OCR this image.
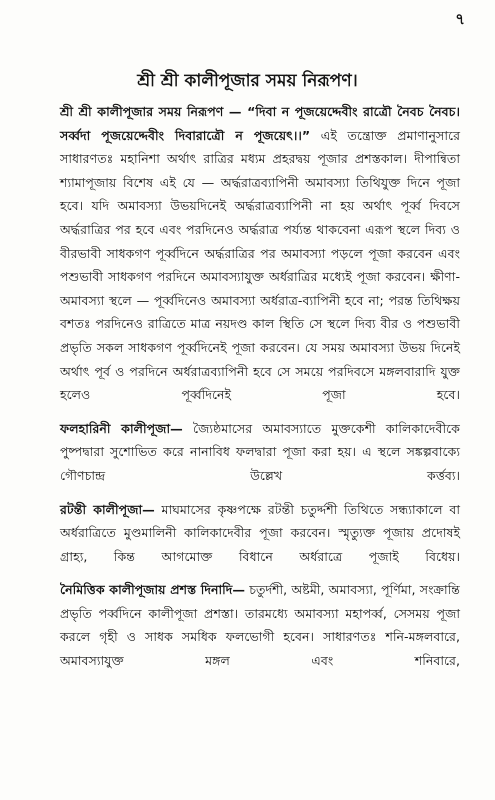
৭
শ্রী শ্রী কালীপূজার সময় নিরূপণ।

শ্রী শ্রী কালীপূজার সময় নিরূপণ — “দিবা ন পূজয়েদ্দেবীং রাত্রৌ নৈবচ নৈবচ। সর্ব্বদা পূজয়েদ্দেবীং দিবারাত্রৌ ন পূজয়েৎ।।” এই তন্ত্রোক্ত প্রমাণানুসারে সাধারণতঃ মহানিশা অর্থাৎ রাত্রির মধ্যম প্রহরদ্বয় পূজার প্রশস্তকাল। দীপান্বিতা শ্যামাপূজায় বিশেষ এই যে — অর্দ্ধরাত্রব্যাপিনী অমাবস্যা তিথিযুক্ত দিনে পূজা হবে। যদি অমাবস্যা উভয়দিনেই অর্দ্ধরাত্রব্যাপিনী না হয় অর্থাৎ পূর্ব্ব দিবসে অর্দ্ধরাত্রির পর হবে এবং পরদিনেও অর্দ্ধরাত্র পর্য্যন্ত থাকবেনা এরূপ স্থলে দিব্য ও বীরভাবী সাধকগণ পূর্ব্বদিনে অর্দ্ধরাত্রির পর অমাবস্যা পড়লে পূজা করবেন এবং পশুভাবী সাধকগণ পরদিনে অমাবস্যাযুক্ত অর্ধরাত্রির মধ্যেই পূজা করবেন। ক্ষীণা-অমাবস্যা স্থলে — পূর্ব্বদিনেও অমাবস্যা অর্ধরাত্র-ব্যাপিনী হবে না; পরন্ত তিথিক্ষয় বশতঃ পরদিনেও রাত্রিতে মাত্র নয়দণ্ড কাল স্থিতি সে স্থলে দিব্য বীর ও পশুভাবী প্রভৃতি সকল সাধকগণ পূর্ব্বদিনেই পূজা করবেন। যে সময় অমাবস্যা উভয় দিনেই অর্থাৎ পূর্ব ও পরদিনে অর্ধরাত্রব্যাপিনী হবে সে সময়ে পরদিবসে মঙ্গলবারাদি যুক্ত হলেও পূর্ব্বদিনেই পূজা হবে।

ফলহারিনী কালীপূজা— জ্যৈষ্ঠমাসের অমাবস্যাতে মুক্তকেশী কালিকাদেবীকে পুষ্পদ্বারা সুশোভিত করে নানাবিধ ফলদ্বারা পূজা করা হয়। এ স্থলে সঙ্কল্পবাক্যে গৌণচান্দ্র উল্লেখ কর্ত্তব্য।

রটন্তী কালীপূজা— মাঘমাসের কৃষ্ণপক্ষে রটন্তী চতুর্দ্দশী তিথিতে সন্ধ্যাকালে বা অর্ধরাত্রিতে মুণ্ডমালিনী কালিকাদেবীর পূজা করবেন। স্মৃত্যুক্ত পূজায় প্রদোষই গ্রাহ্য, কিন্ত আগমোক্ত বিধানে অর্ধরাত্রে পূজাই বিধেয়।

নৈমিত্তিক কালীপূজায় প্রশস্ত দিনাদি— চতুর্দশী, অষ্টমী, অমাবস্যা, পূর্ণিমা, সংক্রান্তি প্রভৃতি পর্ব্বদিনে কালীপূজা প্রশস্তা। তারমধ্যে অমাবস্যা মহাপর্ব্ব, সেসময় পূজা করলে গৃহী ও সাধক সমধিক ফলভোগী হবেন। সাধারণতঃ শনি-মঙ্গলবারে, অমাবস্যাযুক্ত মঙ্গল এবং শনিবারে,
